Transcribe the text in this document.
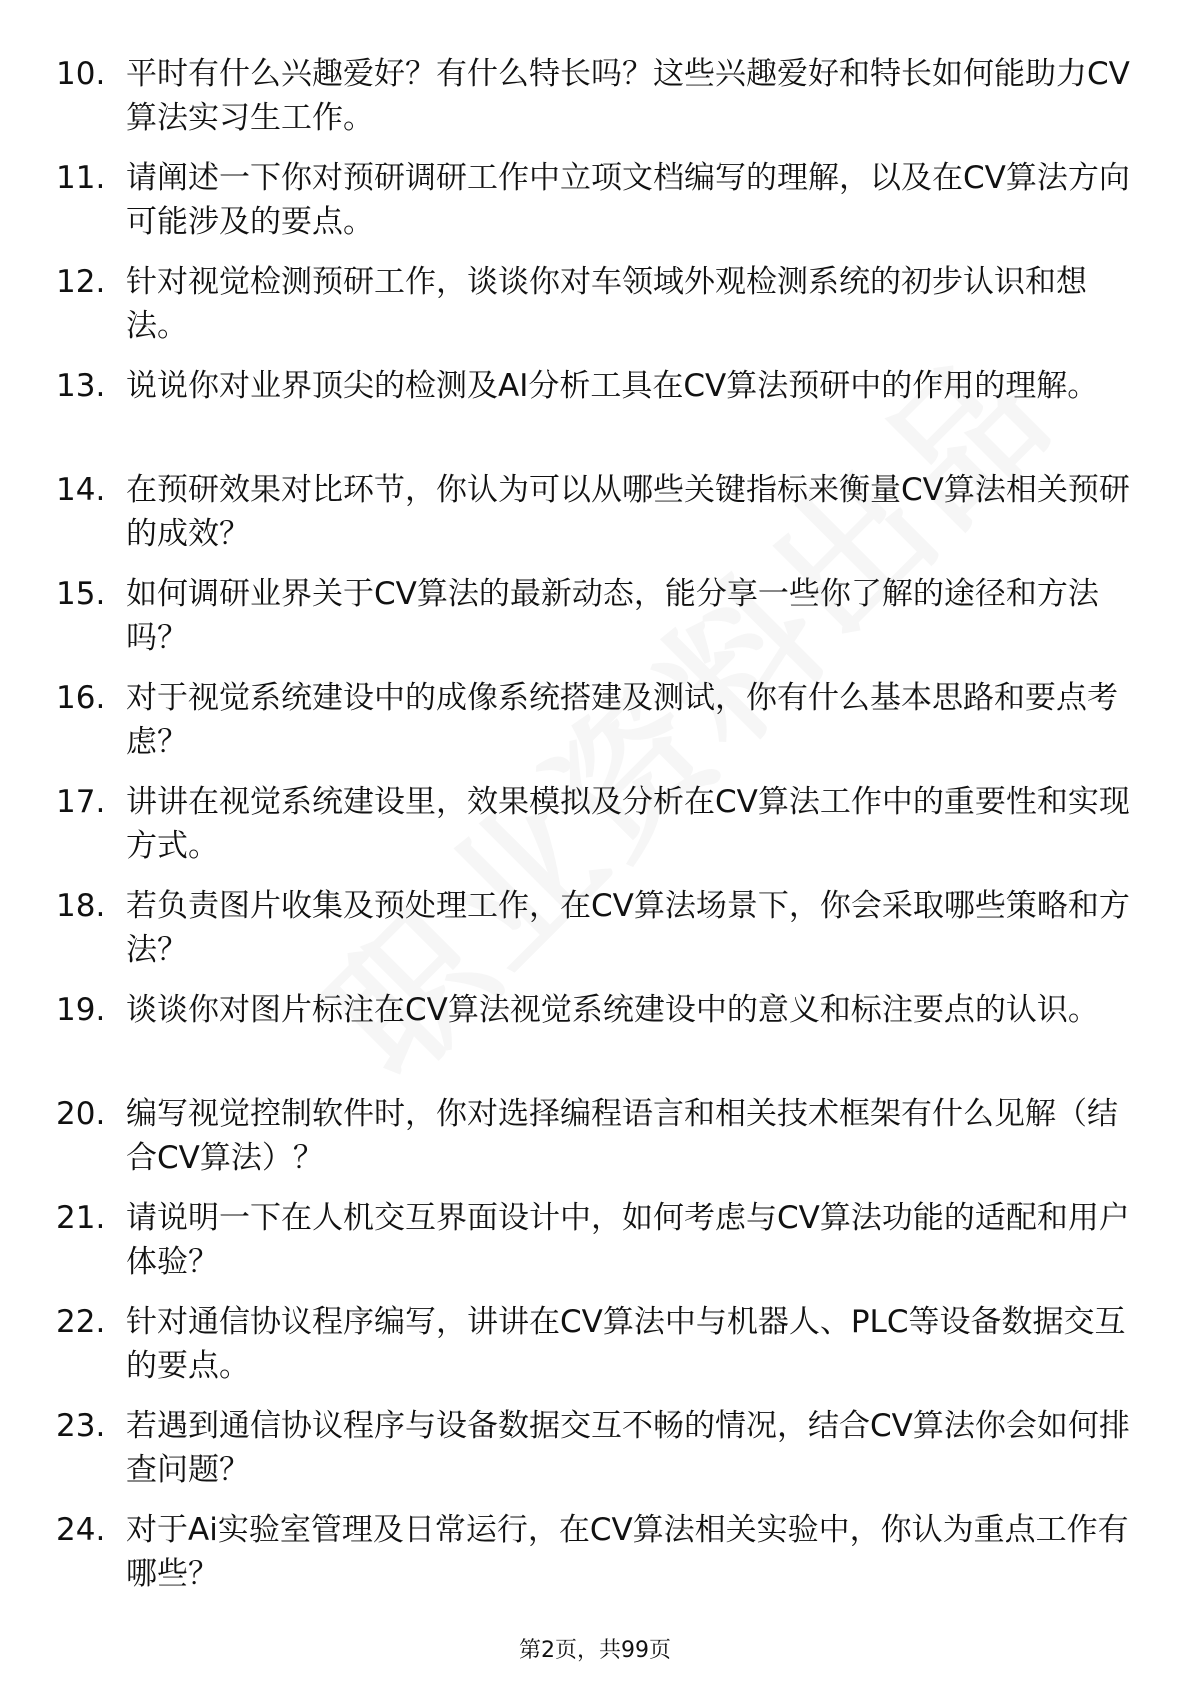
10. 平时有什么兴趣爱好？有什么特长吗？这些兴趣爱好和特长如何能助力CV算法实习生工作。
11. 请阐述一下你对预研调研工作中立项文档编写的理解，以及在CV算法方向可能涉及的要点。
12. 针对视觉检测预研工作，谈谈你对车领域外观检测系统的初步认识和想法。
13. 说说你对业界顶尖的检测及AI分析工具在CV算法预研中的作用的理解。
14. 在预研效果对比环节，你认为可以从哪些关键指标来衡量CV算法相关预研的成效？
15. 如何调研业界关于CV算法的最新动态，能分享一些你了解的途径和方法吗？
16. 对于视觉系统建设中的成像系统搭建及测试，你有什么基本思路和要点考虑？
17. 讲讲在视觉系统建设里，效果模拟及分析在CV算法工作中的重要性和实现方式。
18. 若负责图片收集及预处理工作，在CV算法场景下，你会采取哪些策略和方法？
19. 谈谈你对图片标注在CV算法视觉系统建设中的意义和标注要点的认识。
20. 编写视觉控制软件时，你对选择编程语言和相关技术框架有什么见解（结合CV算法）？
21. 请说明一下在人机交互界面设计中，如何考虑与CV算法功能的适配和用户体验？
22. 针对通信协议程序编写，讲讲在CV算法中与机器人、PLC等设备数据交互的要点。
23. 若遇到通信协议程序与设备数据交互不畅的情况，结合CV算法你会如何排查问题？
24. 对于Ai实验室管理及日常运行，在CV算法相关实验中，你认为重点工作有哪些？
第2页，共99页
